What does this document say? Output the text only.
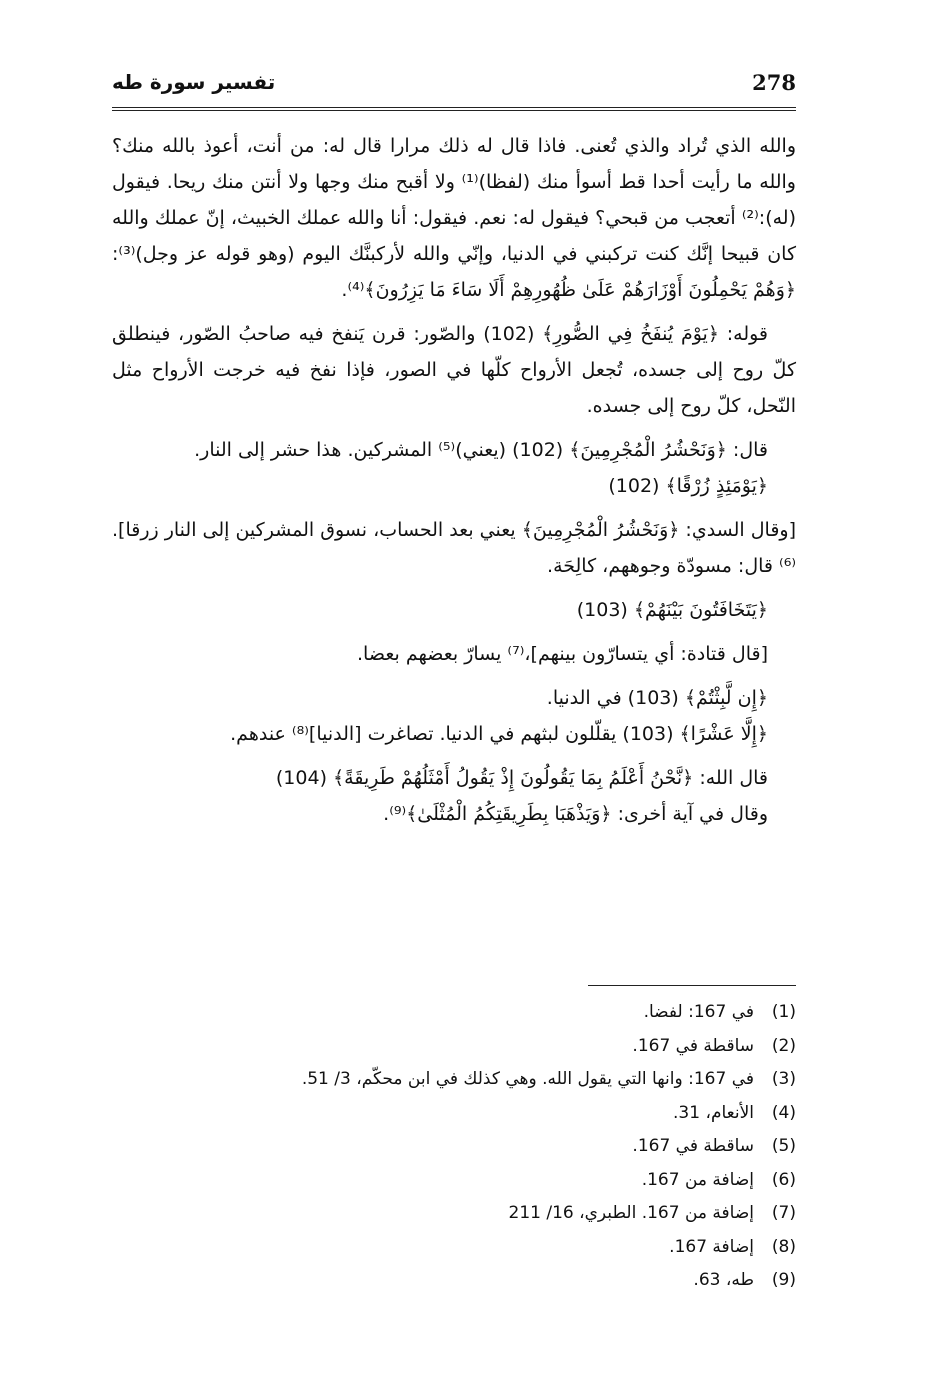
278
تفسير سورة طه

والله الذي تُراد والذي تُعنى. فاذا قال له ذلك مرارا قال له: من أنت، أعوذ بالله منك؟ والله ما رأيت أحدا قط أسوأ منك (لفظا)⁽¹⁾ ولا أقبح منك وجها ولا أنتن منك ريحا. فيقول (له):⁽²⁾ أتعجب من قبحي؟ فيقول له: نعم. فيقول: أنا والله عملك الخبيث، إنّ عملك والله كان قبيحا إنَّك كنت تركبني في الدنيا، وإنّي والله لأركبنَّك اليوم (وهو قوله عز وجل)⁽³⁾: ﴿وَهُمْ يَحْمِلُونَ أَوْزَارَهُمْ عَلَىٰ ظُهُورِهِمْ أَلَا سَاءَ مَا يَزِرُونَ﴾⁽⁴⁾.

قوله: ﴿يَوْمَ يُنفَخُ فِي الصُّورِ﴾ (102) والصّور: قرن يَنفخ فيه صاحبُ الصّور، فينطلق كلّ روح إلى جسده، تُجعل الأرواح كلّها في الصور، فإذا نفخ فيه خرجت الأرواح مثل النّحل، كلّ روح إلى جسده.

قال: ﴿وَنَحْشُرُ الْمُجْرِمِينَ﴾ (102) (يعني)⁽⁵⁾ المشركين. هذا حشر إلى النار.

﴿يَوْمَئِذٍ زُرْقًا﴾ (102)

[وقال السدي: ﴿وَنَحْشُرُ الْمُجْرِمِينَ﴾ يعني بعد الحساب، نسوق المشركين إلى النار زرقا].⁽⁶⁾ قال: مسودّة وجوههم، كالِحَة.

﴿يَتَخَافَتُونَ بَيْنَهُمْ﴾ (103)

[قال قتادة: أي يتسارّون بينهم]،⁽⁷⁾ يسارّ بعضهم بعضا.

﴿إِن لَّبِثْتُمْ﴾ (103) في الدنيا.

﴿إِلَّا عَشْرًا﴾ (103) يقلّلون لبثهم في الدنيا. تصاغرت [الدنيا]⁽⁸⁾ عندهم.

قال الله: ﴿نَّحْنُ أَعْلَمُ بِمَا يَقُولُونَ إِذْ يَقُولُ أَمْثَلُهُمْ طَرِيقَةً﴾ (104)

وقال في آية أخرى: ﴿وَيَذْهَبَا بِطَرِيقَتِكُمُ الْمُثْلَىٰ﴾⁽⁹⁾.

(1)
في 167: لفضا.
(2)
ساقطة في 167.
(3)
في 167: وانها التي يقول الله. وهي كذلك في ابن محكّم، 3/ 51.
(4)
الأنعام، 31.
(5)
ساقطة في 167.
(6)
إضافة من 167.
(7)
إضافة من 167. الطبري، 16/ 211
(8)
إضافة 167.
(9)
طه، 63.
